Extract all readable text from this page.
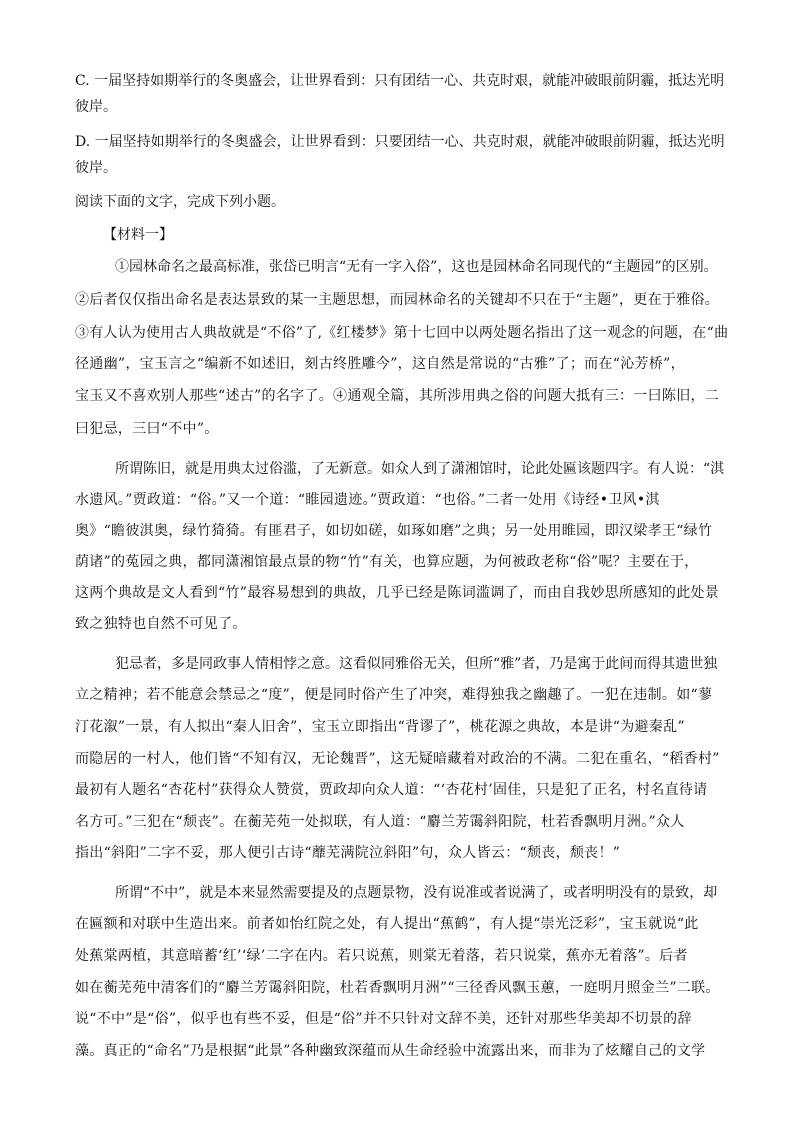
C. 一届坚持如期举行的冬奥盛会，让世界看到：只有团结一心、共克时艰，就能冲破眼前阴霾，抵达光明
彼岸。
D. 一届坚持如期举行的冬奥盛会，让世界看到：只要团结一心、共克时艰，就能冲破眼前阴霾，抵达光明
彼岸。
阅读下面的文字，完成下列小题。
【材料一】
①园林命名之最高标准，张岱已明言“无有一字入俗”，这也是园林命名同现代的“主题园”的区别。
②后者仅仅指出命名是表达景致的某一主题思想，而园林命名的关键却不只在于“主题”，更在于雅俗。
③有人认为使用古人典故就是“不俗”了,《红楼梦》第十七回中以两处题名指出了这一观念的问题，在“曲
径通幽”，宝玉言之“编新不如述旧，刻古终胜雕今”，这自然是常说的“古雅”了；而在“沁芳桥”，
宝玉又不喜欢别人那些“述古”的名字了。④通观全篇，其所涉用典之俗的问题大抵有三：一曰陈旧，二
曰犯忌，三曰“不中”。
所谓陈旧，就是用典太过俗滥，了无新意。如众人到了潇湘馆时，论此处匾该题四字。有人说：“淇
水遗风。”贾政道：“俗。”又一个道：“睢园遗迹。”贾政道：“也俗。”二者一处用《诗经•卫风•淇
奥》“瞻彼淇奥，绿竹猗猗。有匪君子，如切如磋，如琢如磨”之典；另一处用睢园，即汉梁孝王“绿竹
荫诸”的菟园之典，都同潇湘馆最点景的物“竹”有关，也算应题，为何被政老称“俗”呢？主要在于，
这两个典故是文人看到“竹”最容易想到的典故，几乎已经是陈词滥调了，而由自我妙思所感知的此处景
致之独特也自然不可见了。
犯忌者，多是同政事人情相悖之意。这看似同雅俗无关，但所“雅”者，乃是寓于此间而得其遗世独
立之精神；若不能意会禁忌之“度”，便是同时俗产生了冲突，难得独我之幽趣了。一犯在违制。如“蓼
汀花溆”一景，有人拟出“秦人旧舍”，宝玉立即指出“背谬了”，桃花源之典故，本是讲“为避秦乱”
而隐居的一村人，他们皆“不知有汉，无论魏晋”，这无疑暗藏着对政治的不满。二犯在重名，“稻香村”
最初有人题名“杏花村”获得众人赞赏，贾政却向众人道：“‘杏花村’固佳，只是犯了正名，村名直待请
名方可。”三犯在“颓丧”。在蘅芜苑一处拟联，有人道：“麝兰芳霭斜阳院，杜若香飘明月洲。”众人
指出“斜阳”二字不妥，那人便引古诗“蘼芜满院泣斜阳”句，众人皆云：“颓丧，颓丧！”
所谓“不中”，就是本来显然需要提及的点题景物，没有说准或者说满了，或者明明没有的景致，却
在匾额和对联中生造出来。前者如怡红院之处，有人提出“蕉鹤”，有人提“崇光泛彩”，宝玉就说“此
处蕉棠两植，其意暗蓄‘红’‘绿’二字在内。若只说蕉，则棠无着落，若只说棠，蕉亦无着落”。后者
如在蘅芜苑中清客们的“麝兰芳霭斜阳院，杜若香飘明月洲”“三径香风飘玉蕙，一庭明月照金兰”二联。
说“不中”是“俗”，似乎也有些不妥，但是“俗”并不只针对文辞不美，还针对那些华美却不切景的辞
藻。真正的“命名”乃是根据“此景”各种幽致深蕴而从生命经验中流露出来，而非为了炫耀自己的文学
